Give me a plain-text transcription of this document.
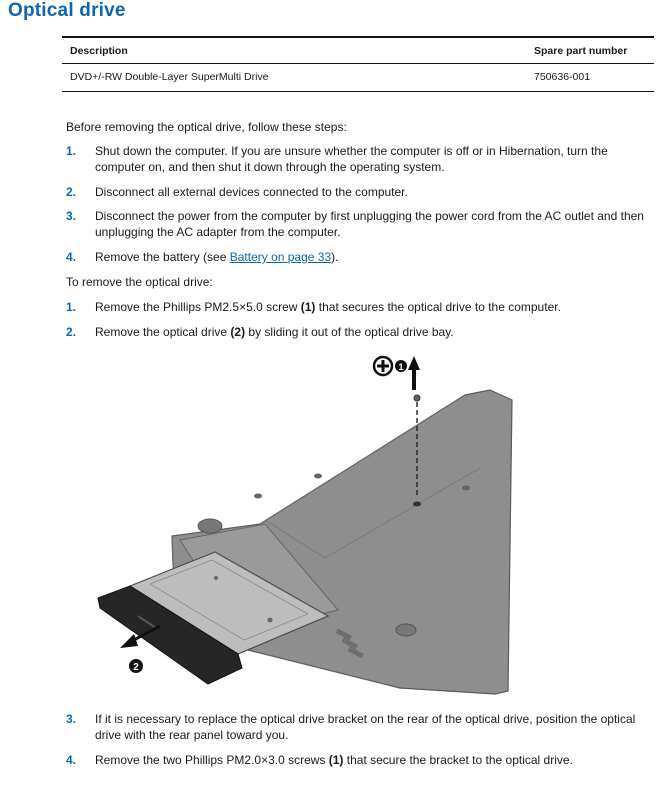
Optical drive
Description	Spare part number
DVD+/-RW Double-Layer SuperMulti Drive	750636-001

Before removing the optical drive, follow these steps:

1. Shut down the computer. If you are unsure whether the computer is off or in Hibernation, turn the computer on, and then shut it down through the operating system.
2. Disconnect all external devices connected to the computer.
3. Disconnect the power from the computer by first unplugging the power cord from the AC outlet and then unplugging the AC adapter from the computer.
4. Remove the battery (see Battery on page 33).

To remove the optical drive:

1. Remove the Phillips PM2.5×5.0 screw (1) that secures the optical drive to the computer.
2. Remove the optical drive (2) by sliding it out of the optical drive bay.
2
1
3. If it is necessary to replace the optical drive bracket on the rear of the optical drive, position the optical drive with the rear panel toward you.
4. Remove the two Phillips PM2.0×3.0 screws (1) that secure the bracket to the optical drive.
